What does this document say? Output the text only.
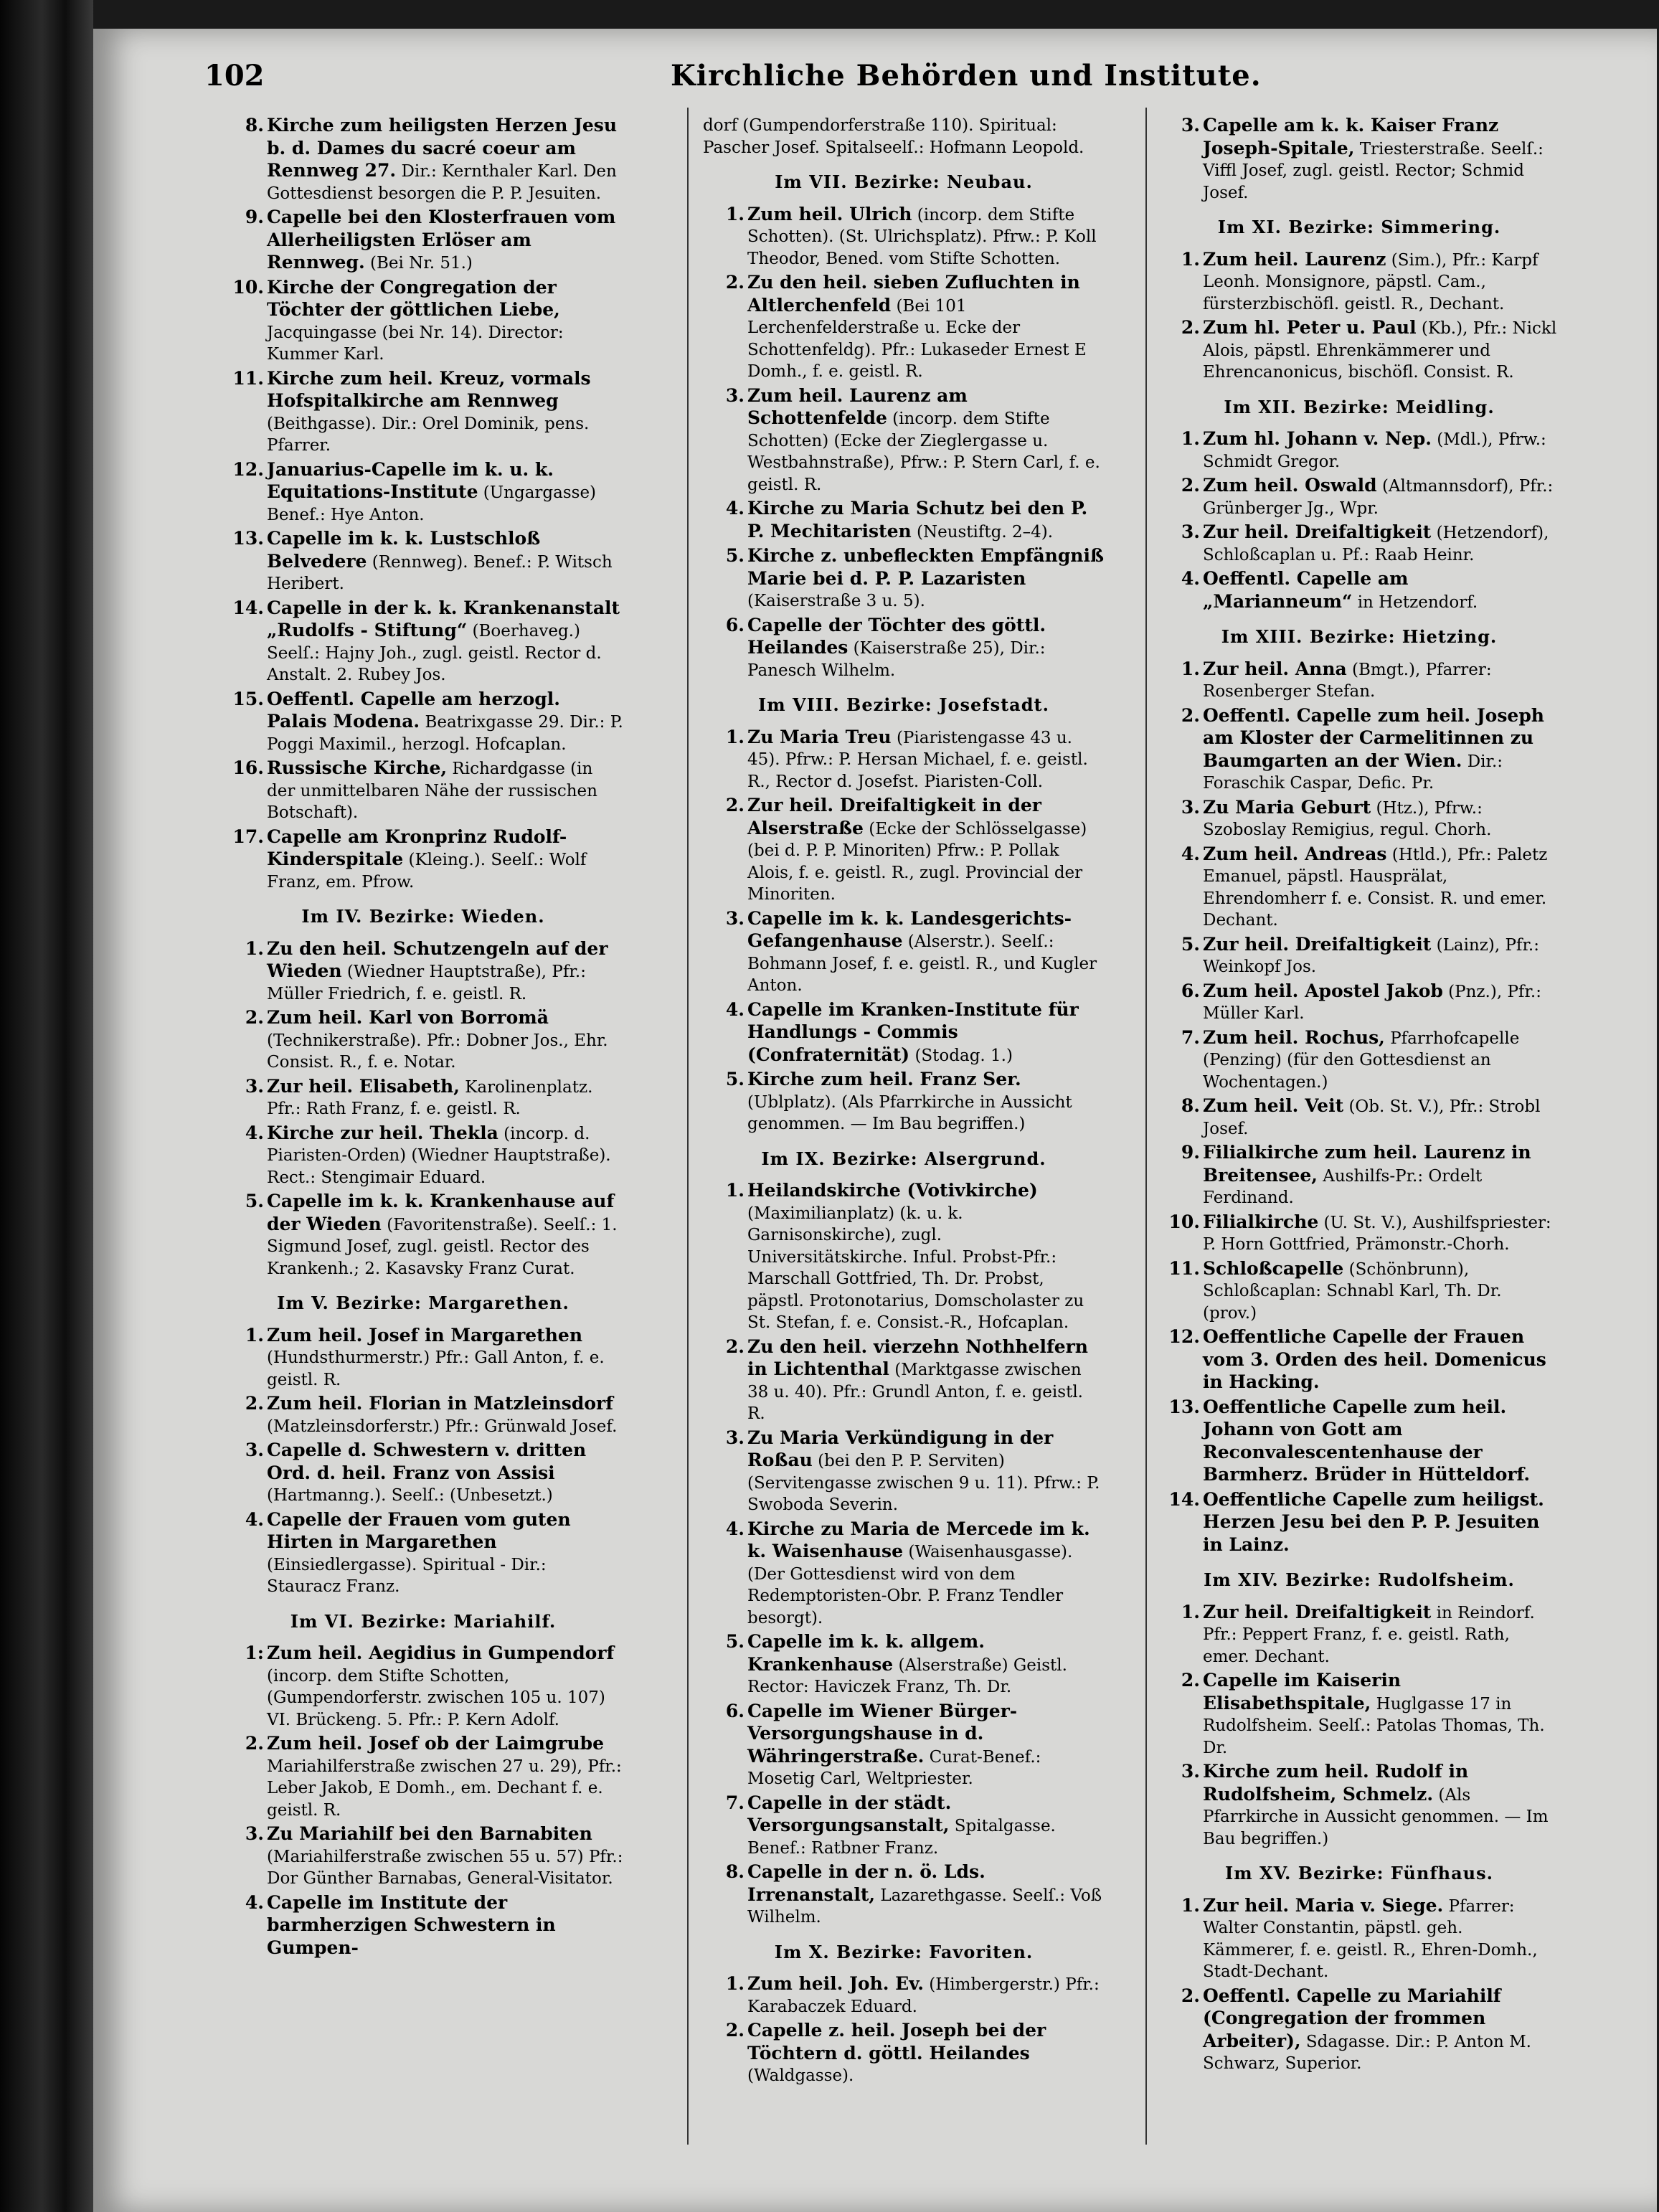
102	Kirchliche Behörden und Institute.
8. Kirche zum heiligsten Herzen Jesu b. d. Dames du sacré coeur am Rennweg 27. Dir.: Kernthaler Karl. Den Gottesdienst besorgen die P. P. Jesuiten.
9. Capelle bei den Klosterfrauen vom Allerheiligsten Erlöser am Rennweg. (Bei Nr. 51.)
10. Kirche der Congregation der Töchter der göttlichen Liebe, Jacquingasse (bei Nr. 14). Director: Kummer Karl.
11. Kirche zum heil. Kreuz, vormals Hofspitalkirche am Rennweg (Beithgasse). Dir.: Orel Dominik, pens. Pfarrer.
12. Januarius-Capelle im k. u. k. Equitations-Institute (Ungargasse) Benef.: Hye Anton.
13. Capelle im k. k. Lustschloß Belvedere (Rennweg). Benef.: P. Witsch Heribert.
14. Capelle in der k. k. Krankenanstalt „Rudolfs - Stiftung“ (Boerhaveg.) Seelſ.: Hajny Joh., zugl. geistl. Rector d. Anstalt. 2. Rubey Jos.
15. Oeffentl. Capelle am herzogl. Palais Modena. Beatrixgasse 29. Dir.: P. Poggi Maximil., herzogl. Hofcaplan.
16. Russische Kirche, Richardgasse (in der unmittelbaren Nähe der russischen Botschaft).
17. Capelle am Kronprinz Rudolf-Kinderspitale (Kleing.). Seelſ.: Wolf Franz, em. Pfrow.
Im IV. Bezirke: Wieden.
1. Zu den heil. Schutzengeln auf der Wieden (Wiedner Hauptstraße), Pfr.: Müller Friedrich, f. e. geistl. R.
2. Zum heil. Karl von Borromä (Technikerstraße). Pfr.: Dobner Jos., Ehr. Consist. R., f. e. Notar.
3. Zur heil. Elisabeth, Karolinenplatz. Pfr.: Rath Franz, f. e. geistl. R.
4. Kirche zur heil. Thekla (incorp. d. Piaristen-Orden) (Wiedner Hauptstraße). Rect.: Stengimair Eduard.
5. Capelle im k. k. Krankenhause auf der Wieden (Favoritenstraße). Seelſ.: 1. Sigmund Josef, zugl. geistl. Rector des Krankenh.; 2. Kasavsky Franz Curat.
Im V. Bezirke: Margarethen.
1. Zum heil. Josef in Margarethen (Hundsthurmerstr.) Pfr.: Gall Anton, f. e. geistl. R.
2. Zum heil. Florian in Matzleinsdorf (Matzleinsdorferstr.) Pfr.: Grünwald Josef.
3. Capelle d. Schwestern v. dritten Ord. d. heil. Franz von Assisi (Hartmanng.). Seelſ.: (Unbesetzt.)
4. Capelle der Frauen vom guten Hirten in Margarethen (Einsiedlergasse). Spiritual - Dir.: Stauracz Franz.
Im VI. Bezirke: Mariahilf.
1: Zum heil. Aegidius in Gumpendorf (incorp. dem Stifte Schotten, (Gumpendorferstr. zwischen 105 u. 107) VI. Brückeng. 5. Pfr.: P. Kern Adolf.
2. Zum heil. Josef ob der Laimgrube Mariahilferstraße zwischen 27 u. 29), Pfr.: Leber Jakob, E Domh., em. Dechant f. e. geistl. R.
3. Zu Mariahilf bei den Barnabiten (Mariahilferstraße zwischen 55 u. 57) Pfr.: Dor Günther Barnabas, General-Visitator.
4. Capelle im Institute der barmherzigen Schwestern in Gumpen-
dorf (Gumpendorferstraße 110). Spiritual: Pascher Josef. Spitalseelſ.: Hofmann Leopold.
Im VII. Bezirke: Neubau.
1. Zum heil. Ulrich (incorp. dem Stifte Schotten). (St. Ulrichsplatz). Pfrw.: P. Koll Theodor, Bened. vom Stifte Schotten.
2. Zu den heil. sieben Zufluchten in Altlerchenfeld (Bei 101 Lerchenfelderstraße u. Ecke der Schottenfeldg). Pfr.: Lukaseder Ernest E Domh., f. e. geistl. R.
3. Zum heil. Laurenz am Schottenfelde (incorp. dem Stifte Schotten) (Ecke der Zieglergasse u. Westbahnstraße), Pfrw.: P. Stern Carl, f. e. geistl. R.
4. Kirche zu Maria Schutz bei den P. P. Mechitaristen (Neustiftg. 2–4).
5. Kirche z. unbefleckten Empfängniß Marie bei d. P. P. Lazaristen (Kaiserstraße 3 u. 5).
6. Capelle der Töchter des göttl. Heilandes (Kaiserstraße 25), Dir.: Panesch Wilhelm.
Im VIII. Bezirke: Josefstadt.
1. Zu Maria Treu (Piaristengasse 43 u. 45). Pfrw.: P. Hersan Michael, f. e. geistl. R., Rector d. Josefst. Piaristen-Coll.
2. Zur heil. Dreifaltigkeit in der Alserstraße (Ecke der Schlösselgasse) (bei d. P. P. Minoriten) Pfrw.: P. Pollak Alois, f. e. geistl. R., zugl. Provincial der Minoriten.
3. Capelle im k. k. Landesgerichts-Gefangenhause (Alserstr.). Seelſ.: Bohmann Josef, f. e. geistl. R., und Kugler Anton.
4. Capelle im Kranken-Institute für Handlungs - Commis (Confraternität) (Stodag. 1.)
5. Kirche zum heil. Franz Ser. (Ublplatz). (Als Pfarrkirche in Aussicht genommen. — Im Bau begriffen.)
Im IX. Bezirke: Alsergrund.
1. Heilandskirche (Votivkirche) (Maximilianplatz) (k. u. k. Garnisonskirche), zugl. Universitätskirche. Inful. Probst-Pfr.: Marschall Gottfried, Th. Dr. Probst, päpstl. Protonotarius, Domscholaster zu St. Stefan, f. e. Consist.-R., Hofcaplan.
2. Zu den heil. vierzehn Nothhelfern in Lichtenthal (Marktgasse zwischen 38 u. 40). Pfr.: Grundl Anton, f. e. geistl. R.
3. Zu Maria Verkündigung in der Roßau (bei den P. P. Serviten) (Servitengasse zwischen 9 u. 11). Pfrw.: P. Swoboda Severin.
4. Kirche zu Maria de Mercede im k. k. Waisenhause (Waisenhausgasse). (Der Gottesdienst wird von dem Redemptoristen-Obr. P. Franz Tendler besorgt).
5. Capelle im k. k. allgem. Krankenhause (Alserstraße) Geistl. Rector: Haviczek Franz, Th. Dr.
6. Capelle im Wiener Bürger-Versorgungshause in d. Währingerstraße. Curat-Benef.: Mosetig Carl, Weltpriester.
7. Capelle in der städt. Versorgungsanstalt, Spitalgasse. Benef.: Ratbner Franz.
8. Capelle in der n. ö. Lds. Irrenanstalt, Lazarethgasse. Seelſ.: Voß Wilhelm.
Im X. Bezirke: Favoriten.
1. Zum heil. Joh. Ev. (Himbergerstr.) Pfr.: Karabaczek Eduard.
2. Capelle z. heil. Joseph bei der Töchtern d. göttl. Heilandes (Waldgasse).
3. Capelle am k. k. Kaiser Franz Joseph-Spitale, Triesterstraße. Seelſ.: Viffl Josef, zugl. geistl. Rector; Schmid Josef.
Im XI. Bezirke: Simmering.
1. Zum heil. Laurenz (Sim.), Pfr.: Karpf Leonh. Monsignore, päpstl. Cam., fürsterzbischöfl. geistl. R., Dechant.
2. Zum hl. Peter u. Paul (Kb.), Pfr.: Nickl Alois, päpstl. Ehrenkämmerer und Ehrencanonicus, bischöfl. Consist. R.
Im XII. Bezirke: Meidling.
1. Zum hl. Johann v. Nep. (Mdl.), Pfrw.: Schmidt Gregor.
2. Zum heil. Oswald (Altmannsdorf), Pfr.: Grünberger Jg., Wpr.
3. Zur heil. Dreifaltigkeit (Hetzendorf), Schloßcaplan u. Pf.: Raab Heinr.
4. Oeffentl. Capelle am „Marianneum“ in Hetzendorf.
Im XIII. Bezirke: Hietzing.
1. Zur heil. Anna (Bmgt.), Pfarrer: Rosenberger Stefan.
2. Oeffentl. Capelle zum heil. Joseph am Kloster der Carmelitinnen zu Baumgarten an der Wien. Dir.: Foraschik Caspar, Defic. Pr.
3. Zu Maria Geburt (Htz.), Pfrw.: Szoboslay Remigius, regul. Chorh.
4. Zum heil. Andreas (Htld.), Pfr.: Paletz Emanuel, päpstl. Hausprälat, Ehrendomherr f. e. Consist. R. und emer. Dechant.
5. Zur heil. Dreifaltigkeit (Lainz), Pfr.: Weinkopf Jos.
6. Zum heil. Apostel Jakob (Pnz.), Pfr.: Müller Karl.
7. Zum heil. Rochus, Pfarrhofcapelle (Penzing) (für den Gottesdienst an Wochentagen.)
8. Zum heil. Veit (Ob. St. V.), Pfr.: Strobl Josef.
9. Filialkirche zum heil. Laurenz in Breitensee, Aushilfs-Pr.: Ordelt Ferdinand.
10. Filialkirche (U. St. V.), Aushilfspriester: P. Horn Gottfried, Prämonstr.-Chorh.
11. Schloßcapelle (Schönbrunn), Schloßcaplan: Schnabl Karl, Th. Dr. (prov.)
12. Oeffentliche Capelle der Frauen vom 3. Orden des heil. Domenicus in Hacking.
13. Oeffentliche Capelle zum heil. Johann von Gott am Reconvalescentenhause der Barmherz. Brüder in Hütteldorf.
14. Oeffentliche Capelle zum heiligst. Herzen Jesu bei den P. P. Jesuiten in Lainz.
Im XIV. Bezirke: Rudolfsheim.
1. Zur heil. Dreifaltigkeit in Reindorf. Pfr.: Peppert Franz, f. e. geistl. Rath, emer. Dechant.
2. Capelle im Kaiserin Elisabethspitale, Huglgasse 17 in Rudolfsheim. Seelſ.: Patolas Thomas, Th. Dr.
3. Kirche zum heil. Rudolf in Rudolfsheim, Schmelz. (Als Pfarrkirche in Aussicht genommen. — Im Bau begriffen.)
Im XV. Bezirke: Fünfhaus.
1. Zur heil. Maria v. Siege. Pfarrer: Walter Constantin, päpstl. geh. Kämmerer, f. e. geistl. R., Ehren-Domh., Stadt-Dechant.
2. Oeffentl. Capelle zu Mariahilf (Congregation der frommen Arbeiter), Sdagasse. Dir.: P. Anton M. Schwarz, Superior.
